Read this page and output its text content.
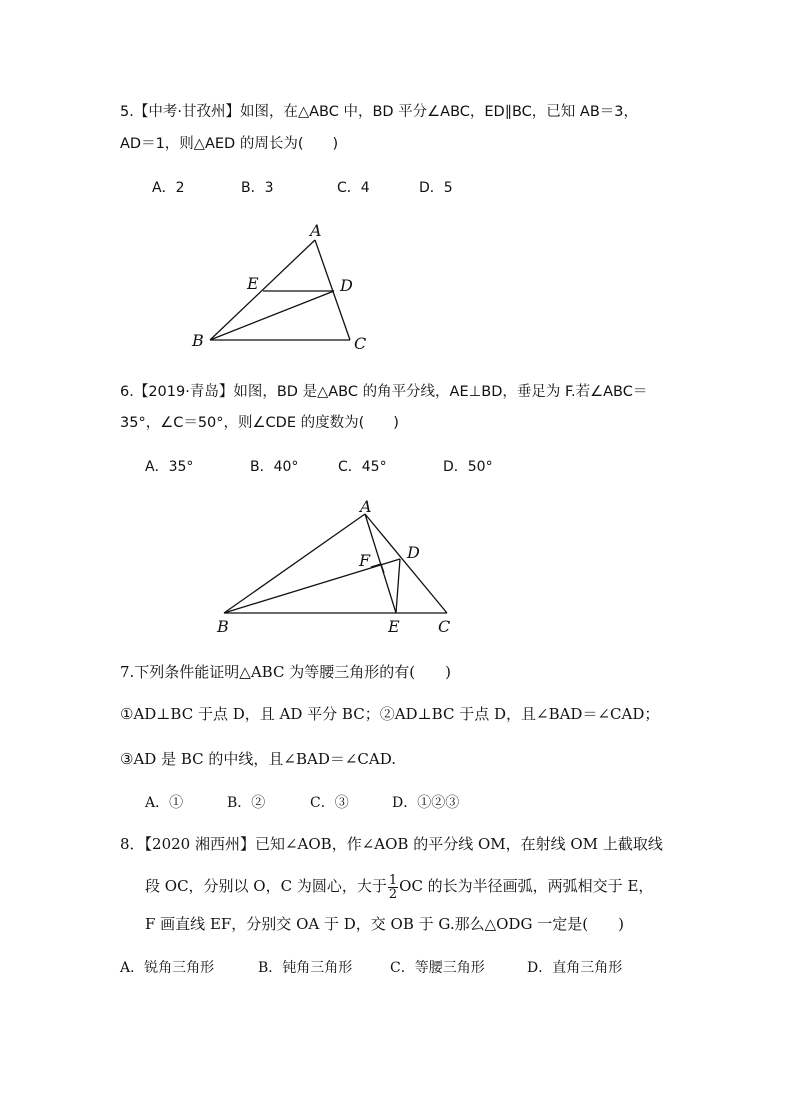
5.【中考·甘孜州】如图，在△ABC 中，BD 平分∠ABC，ED∥BC，已知 AB＝3，
AD＝1，则△AED 的周长为(　　)
A．2	B．3	C．4	D．5
A
E	D
B	C
A
F D
B	E C
6.【2019·青岛】如图，BD 是△ABC 的角平分线，AE⊥BD，垂足为 F.若∠ABC＝
35°，∠C＝50°，则∠CDE 的度数为(　　)
A．35°	B．40°	C．45°	D．50°
7.下列条件能证明△ABC 为等腰三角形的有(　　)
①AD⊥BC 于点 D，且 AD 平分 BC；②AD⊥BC 于点 D，且∠BAD＝∠CAD；
③AD 是 BC 的中线，且∠BAD＝∠CAD.
A．①	B．②	C．③	D．①②③
8．【2020 湘西州】已知∠AOB，作∠AOB 的平分线 OM，在射线 OM 上截取线
段 OC，分别以 O，C 为圆心，大于 $\frac{1}{2}$ OC 的长为半径画弧，两弧相交于 E，
F 画直线 EF，分别交 OA 于 D，交 OB 于 G.那么△ODG 一定是(　　)
A．锐角三角形	B．钝角三角形	C．等腰三角形	D．直角三角形
